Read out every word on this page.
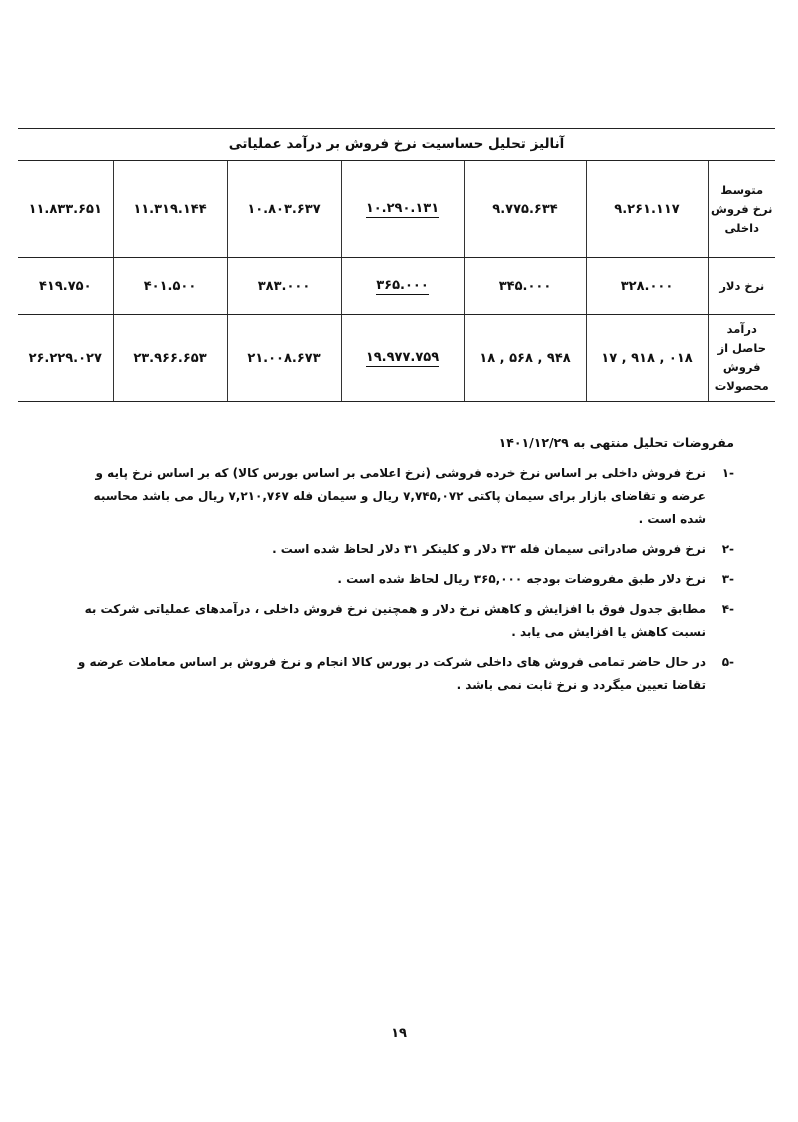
آنالیز تحلیل حساسیت نرخ فروش بر درآمد عملیاتی
متوسط نرخ فروش داخلی	۹.۲۶۱.۱۱۷	۹.۷۷۵.۶۳۴	۱۰.۲۹۰.۱۳۱	۱۰.۸۰۳.۶۳۷	۱۱.۳۱۹.۱۴۴	۱۱.۸۳۳.۶۵۱
نرخ دلار	۳۲۸.۰۰۰	۳۴۵.۰۰۰	۳۶۵.۰۰۰	۳۸۳.۰۰۰	۴۰۱.۵۰۰	۴۱۹.۷۵۰
درآمد حاصل از فروش محصولات	۱۷ , ۹۱۸ , ۰۱۸	۱۸ , ۵۶۸ , ۹۴۸	۱۹.۹۷۷.۷۵۹	۲۱.۰۰۸.۶۷۳	۲۳.۹۶۶.۶۵۳	۲۶.۲۲۹.۰۲۷
مفروضات تحلیل منتهی به ۱۴۰۱/۱۲/۲۹
-۱
نرخ فروش داخلی بر اساس نرخ خرده فروشی (نرخ اعلامی بر اساس بورس کالا) که بر اساس نرخ پایه و عرضه و تقاضای بازار برای سیمان پاکتی ۷,۷۴۵,۰۷۲ ریال و سیمان فله ۷,۲۱۰,۷۶۷ ریال می باشد محاسبه شده است .
-۲
نرخ فروش صادراتی سیمان فله ۳۳ دلار و کلینکر ۳۱ دلار لحاظ شده است .
-۳
نرخ دلار طبق مفروضات بودجه ۳۶۵,۰۰۰ ریال لحاظ شده است .
-۴
مطابق جدول فوق با افزایش و کاهش نرخ دلار و همچنین نرخ فروش داخلی ، درآمدهای عملیاتی شرکت به نسبت کاهش یا افزایش می یابد .
-۵
در حال حاضر تمامی فروش های داخلی شرکت در بورس کالا انجام و نرخ فروش بر اساس معاملات عرضه و تقاضا تعیین میگردد و نرخ ثابت نمی باشد .
۱۹
